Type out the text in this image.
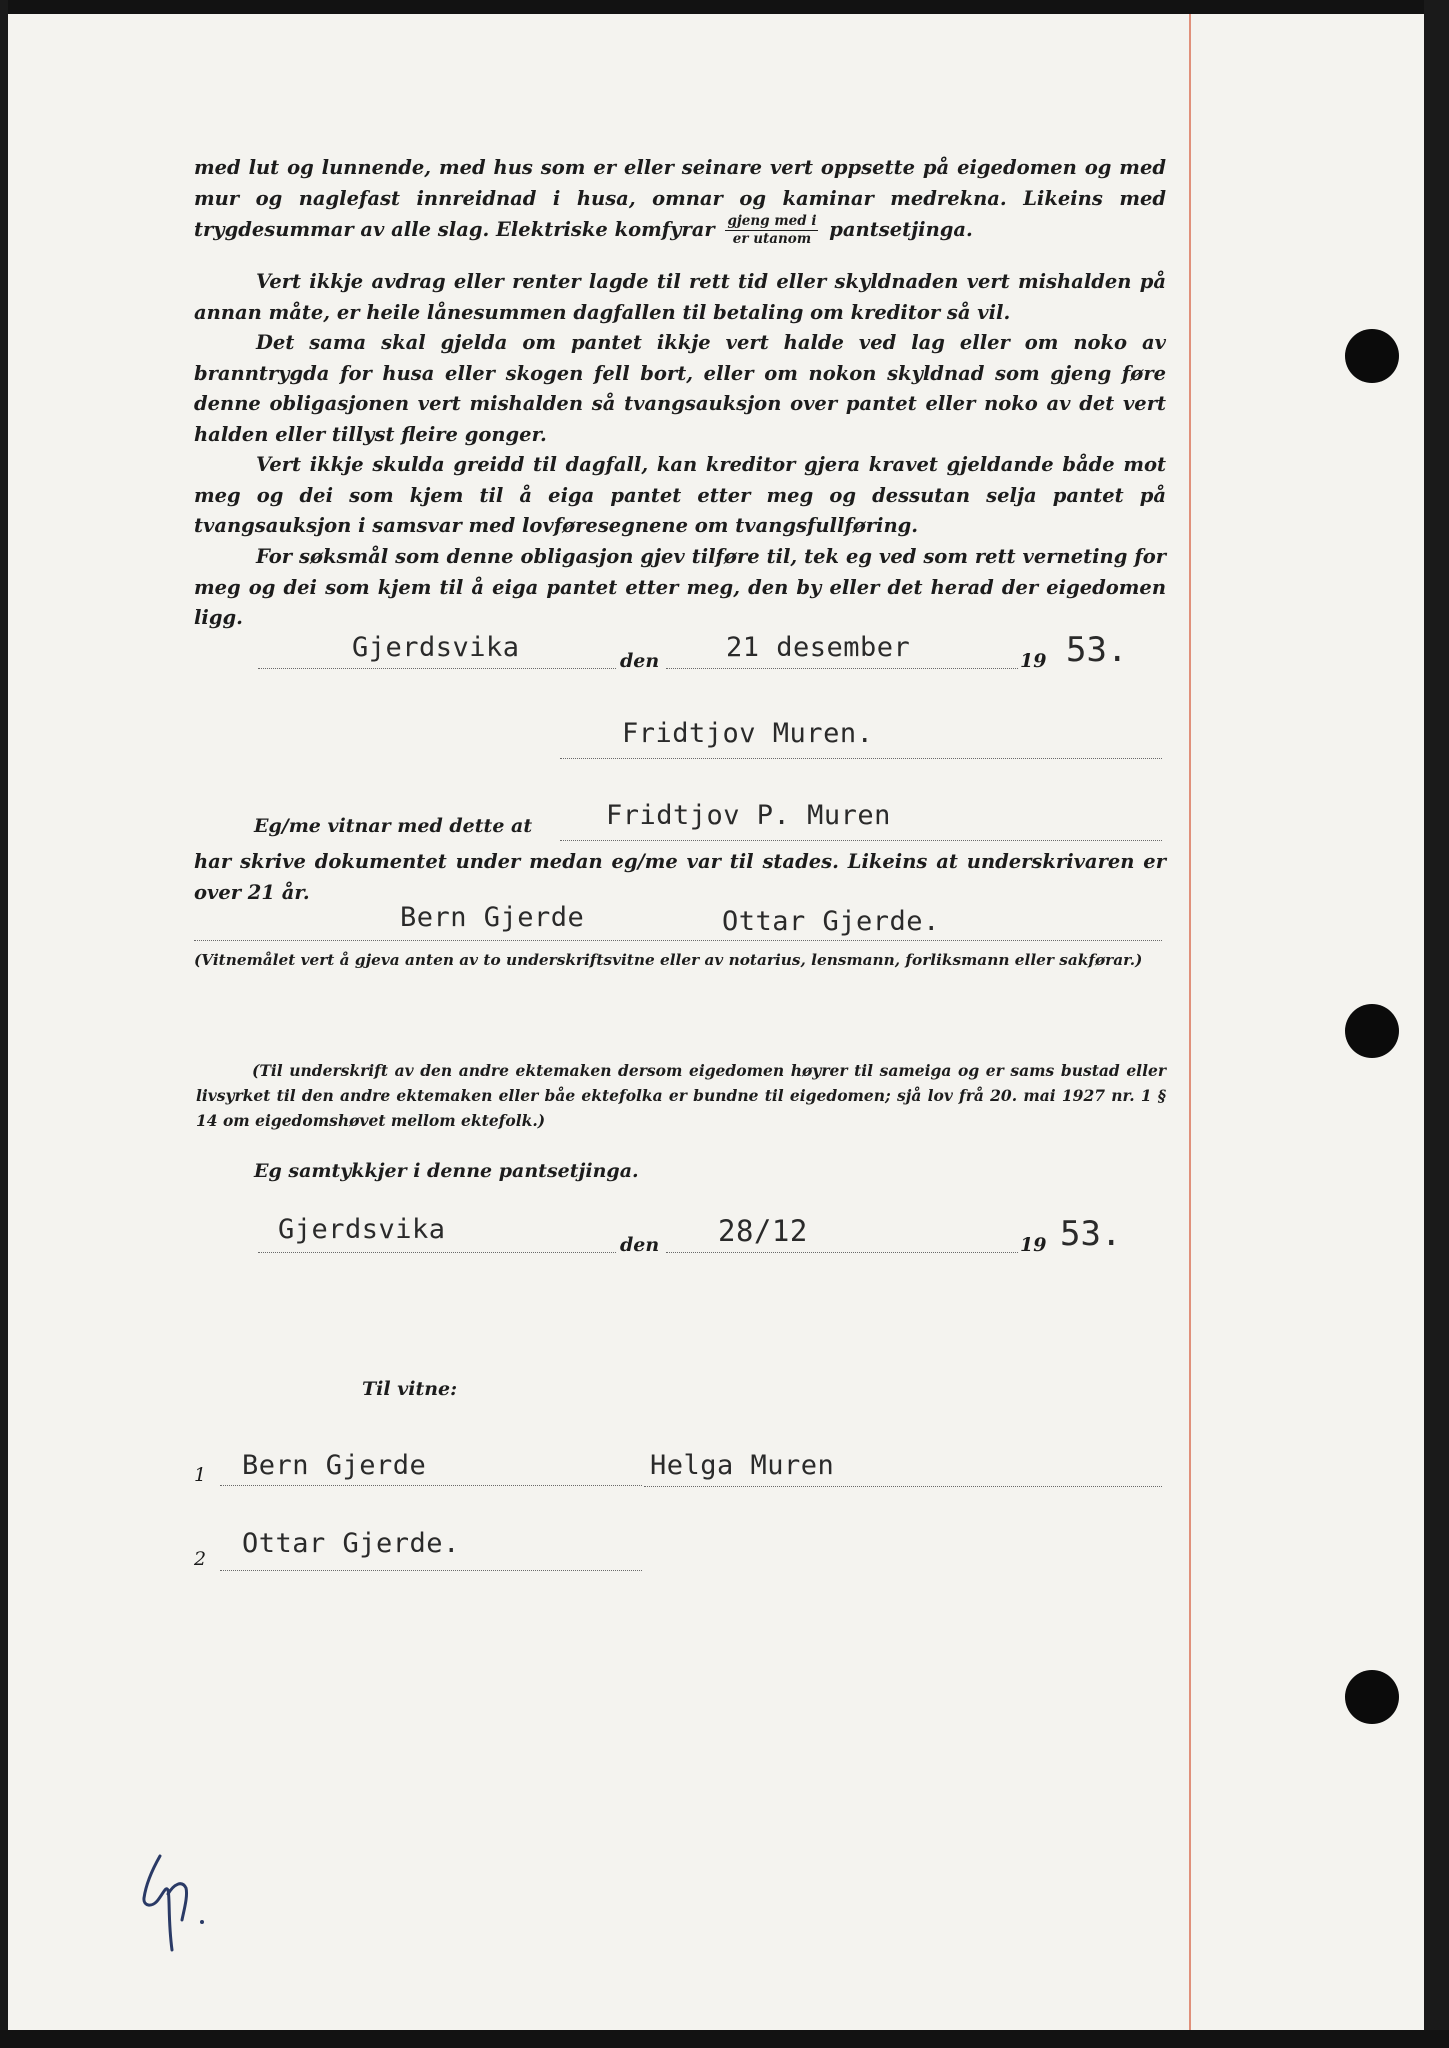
med lut og lunnende, med hus som er eller seinare vert oppsette på eigedomen og med mur og naglefast innreidnad i husa, omnar og kaminar medrekna. Likeins med trygdesummar av alle slag. Elektriske komfyrar $\frac{\text{gjeng med i}}{\text{er utanom}}$ pantsetjinga.

Vert ikkje avdrag eller renter lagde til rett tid eller skyldnaden vert mishalden på annan måte, er heile lånesummen dagfallen til betaling om kreditor så vil.

Det sama skal gjelda om pantet ikkje vert halde ved lag eller om noko av branntrygda for husa eller skogen fell bort, eller om nokon skyldnad som gjeng føre denne obligasjonen vert mishalden så tvangsauksjon over pantet eller noko av det vert halden eller tillyst fleire gonger.

Vert ikkje skulda greidd til dagfall, kan kreditor gjera kravet gjeldande både mot meg og dei som kjem til å eiga pantet etter meg og dessutan selja pantet på tvangsauksjon i samsvar med lovføresegnene om tvangsfullføring.

For søksmål som denne obligasjon gjev tilføre til, tek eg ved som rett verneting for meg og dei som kjem til å eiga pantet etter meg, den by eller det herad der eigedomen ligg.

Gjerdsvika	den 21 desember	19 53.
Fridtjov Muren.
Eg/me vitnar med dette at	Fridtjov P. Muren

har skrive dokumentet under medan eg/me var til stades. Likeins at underskrivaren er over 21 år.

Bern Gjerde	Ottar Gjerde.

(Vitnemålet vert å gjeva anten av to underskriftsvitne eller av notarius, lensmann, forliksmann eller sakførar.)

(Til underskrift av den andre ektemaken dersom eigedomen høyrer til sameiga og er sams bustad eller livsyrket til den andre ektemaken eller båe ektefolka er bundne til eigedomen; sjå lov frå 20. mai 1927 nr. 1 § 14 om eigedomshøvet mellom ektefolk.)

Eg samtykkjer i denne pantsetjinga.
Gjerdsvika	den 28/12	19 53.
Til vitne:
1 Bern Gjerde	Helga Muren
2 Ottar Gjerde.
